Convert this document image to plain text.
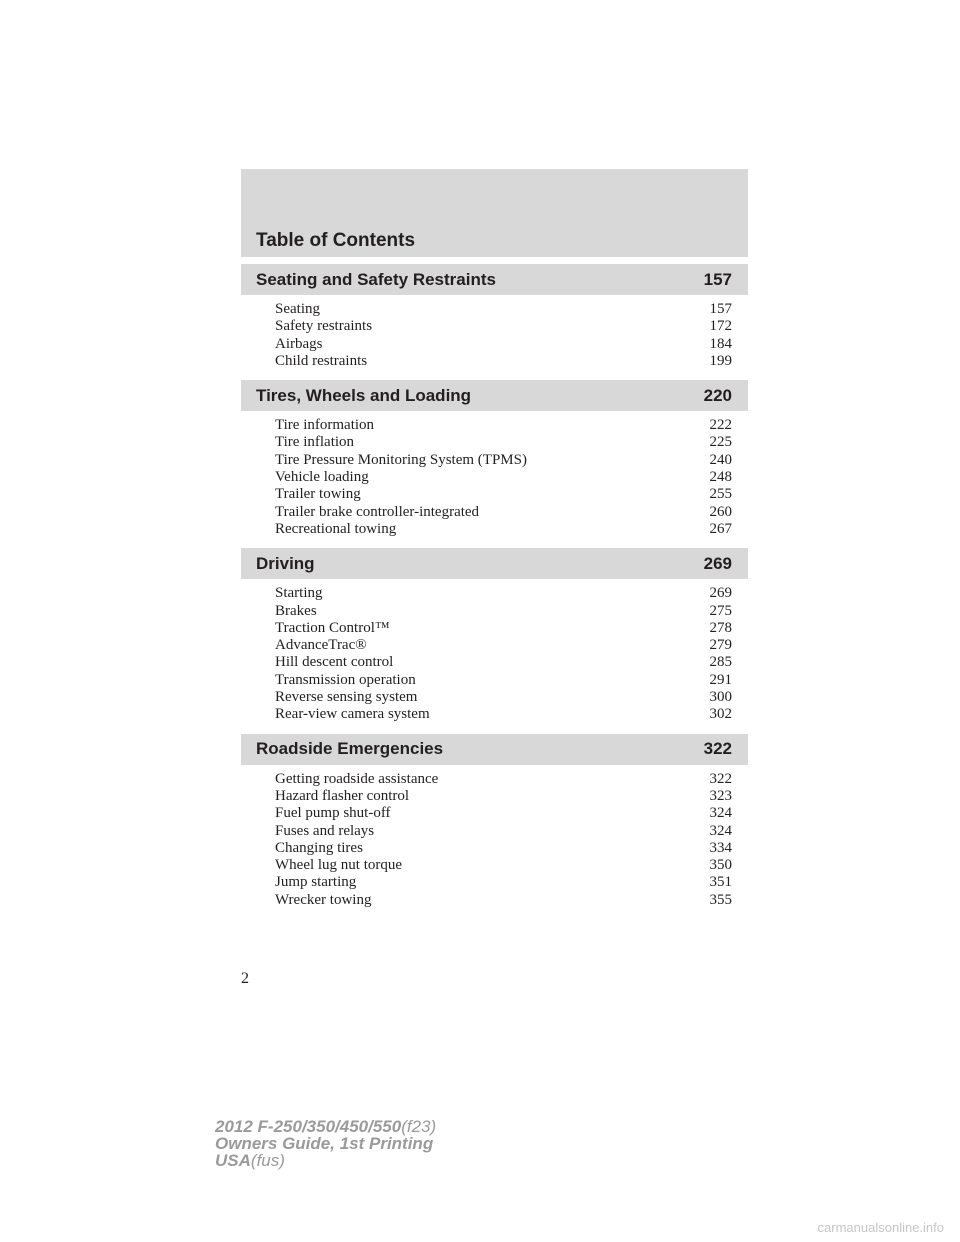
Table of Contents
Seating and Safety Restraints	157
Seating	157
Safety restraints	172
Airbags	184
Child restraints	199
Tires, Wheels and Loading	220
Tire information	222
Tire inflation	225
Tire Pressure Monitoring System (TPMS)	240
Vehicle loading	248
Trailer towing	255
Trailer brake controller-integrated	260
Recreational towing	267
Driving	269
Starting	269
Brakes	275
Traction Control™	278
AdvanceTrac®	279
Hill descent control	285
Transmission operation	291
Reverse sensing system	300
Rear-view camera system	302
Roadside Emergencies	322
Getting roadside assistance	322
Hazard flasher control	323
Fuel pump shut-off	324
Fuses and relays	324
Changing tires	334
Wheel lug nut torque	350
Jump starting	351
Wrecker towing	355
2
2012 F-250/350/450/550(f23)
Owners Guide, 1st Printing
USA(fus)
carmanualsonline.info
